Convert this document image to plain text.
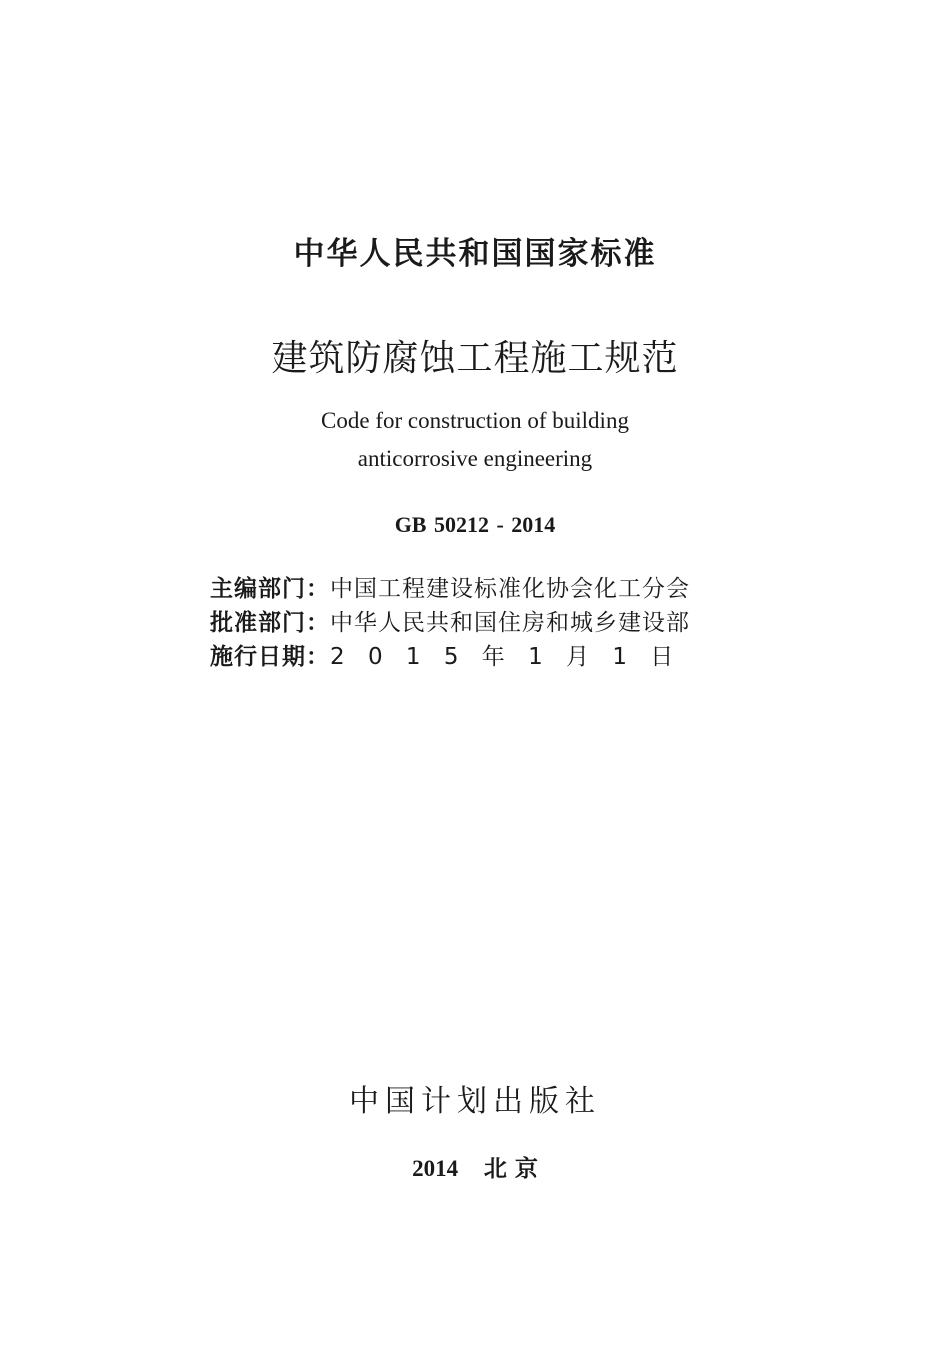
中华人民共和国国家标准
建筑防腐蚀工程施工规范
Code for construction of building
anticorrosive engineering
GB 50212 - 2014
主编部门： 中国工程建设标准化协会化工分会
批准部门： 中华人民共和国住房和城乡建设部
施行日期： 2 0 1 5 年 1 月 1 日
中国计划出版社
2014 北 京
